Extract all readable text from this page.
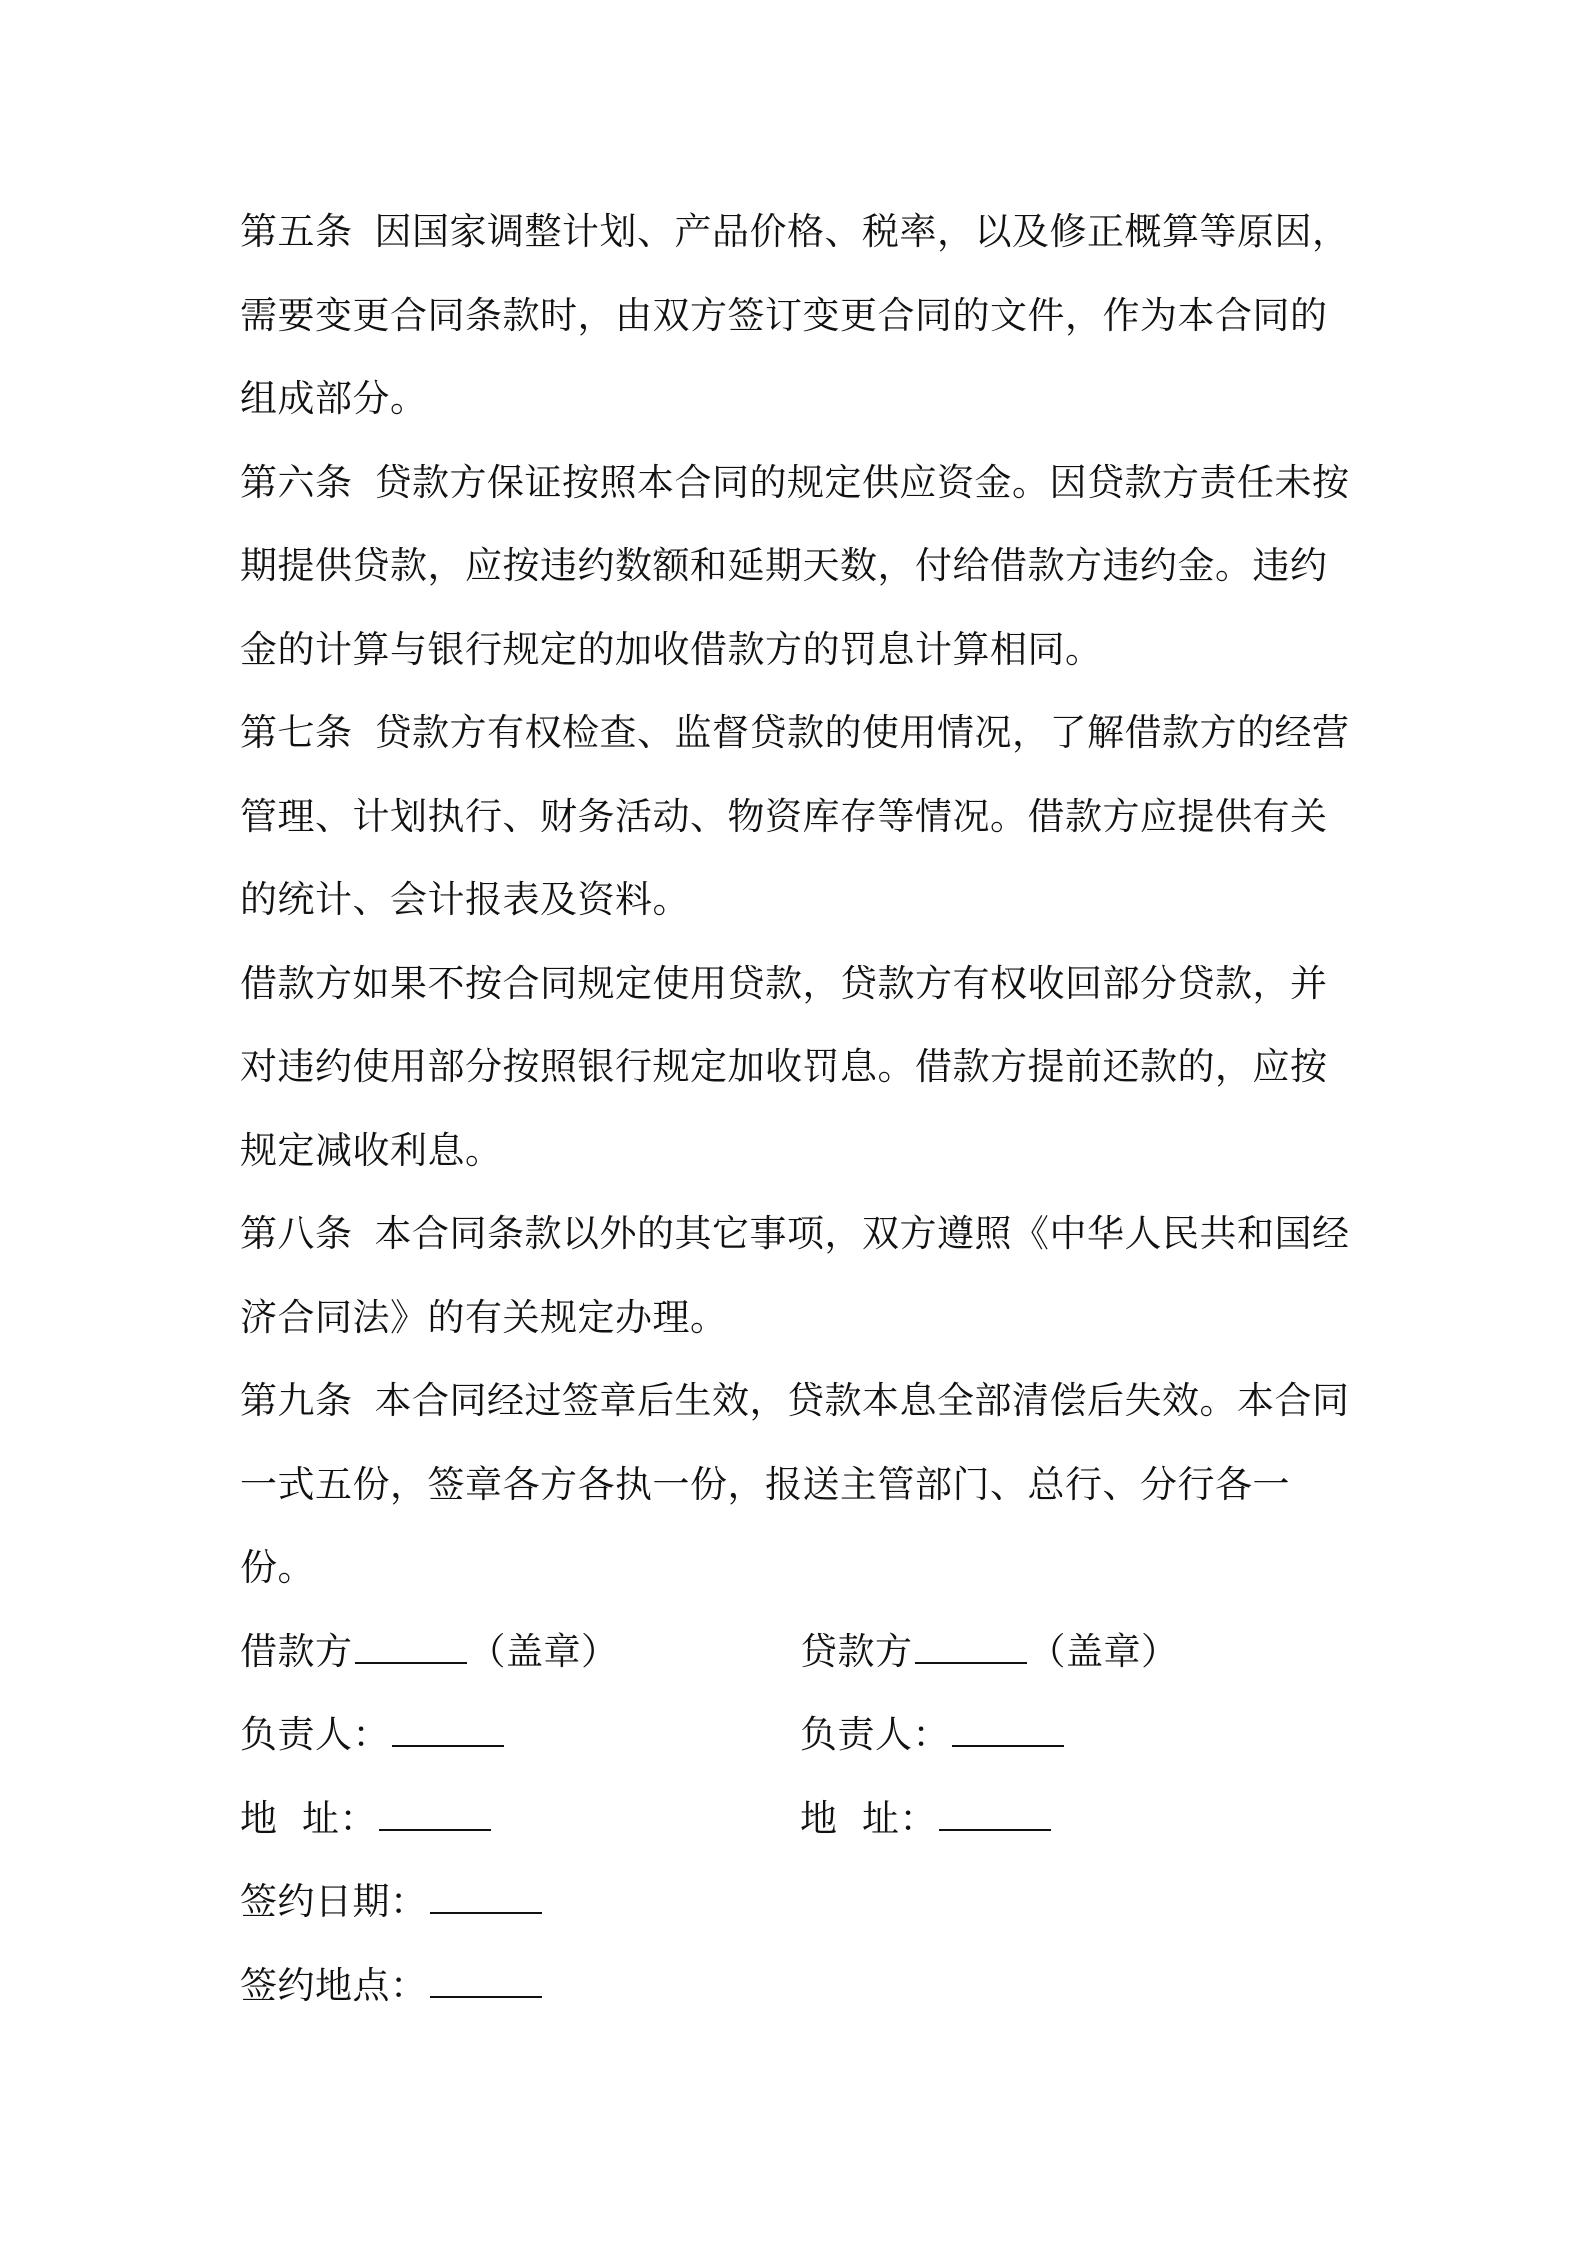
第五条 因国家调整计划、产品价格、税率，以及修正概算等原因，需要变更合同条款时，由双方签订变更合同的文件，作为本合同的组成部分。

第六条 贷款方保证按照本合同的规定供应资金。因贷款方责任未按期提供贷款，应按违约数额和延期天数，付给借款方违约金。违约金的计算与银行规定的加收借款方的罚息计算相同。

第七条 贷款方有权检查、监督贷款的使用情况，了解借款方的经营管理、计划执行、财务活动、物资库存等情况。借款方应提供有关的统计、会计报表及资料。

借款方如果不按合同规定使用贷款，贷款方有权收回部分贷款，并对违约使用部分按照银行规定加收罚息。借款方提前还款的，应按规定减收利息。

第八条 本合同条款以外的其它事项，双方遵照《中华人民共和国经济合同法》的有关规定办理。

第九条 本合同经过签章后生效，贷款本息全部清偿后失效。本合同一式五份，签章各方各执一份，报送主管部门、总行、分行各一份。

借款方	（盖章）	贷款方	（盖章）
负责人：	负责人：
地  址：	地  址：
签约日期：
签约地点：
